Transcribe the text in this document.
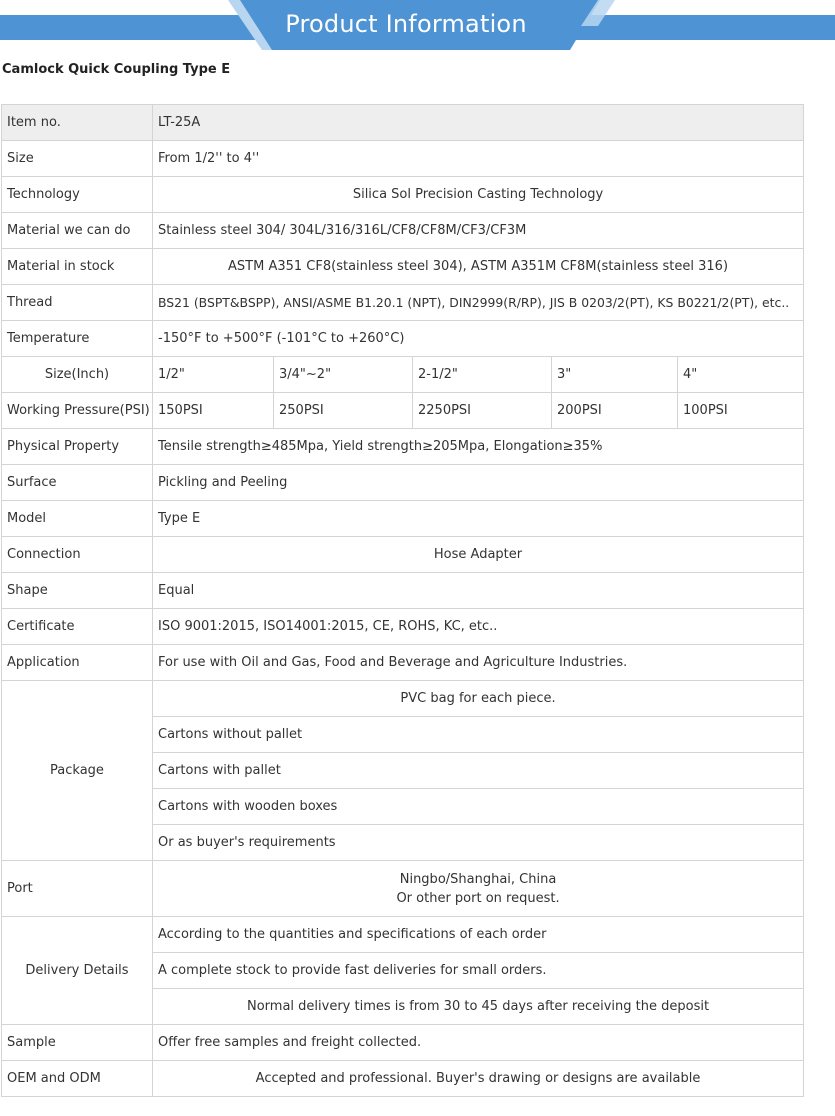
Product Information
Camlock Quick Coupling Type E
Item no.	LT-25A				
Size	From 1/2'' to 4''				
Technology	Silica Sol Precision Casting Technology				
Material we can do	Stainless steel 304/ 304L/316/316L/CF8/CF8M/CF3/CF3M				
Material in stock	ASTM A351 CF8(stainless steel 304), ASTM A351M CF8M(stainless steel 316)				
Thread	BS21 (BSPT&BSPP), ANSI/ASME B1.20.1 (NPT), DIN2999(R/RP), JIS B 0203/2(PT), KS B0221/2(PT), etc..				
Temperature	-150°F to +500°F (-101°C to +260°C)				
Size(Inch)	1/2"	3/4"~2"	2-1/2"	3"	4"
Working Pressure(PSI)	150PSI	250PSI	2250PSI	200PSI	100PSI
Physical Property	Tensile strength≥485Mpa, Yield strength≥205Mpa, Elongation≥35%				
Surface	Pickling and Peeling				
Model	Type E				
Connection	Hose Adapter				
Shape	Equal				
Certificate	ISO 9001:2015, ISO14001:2015, CE, ROHS, KC, etc..				
Application	For use with Oil and Gas, Food and Beverage and Agriculture Industries.				
Package	PVC bag for each piece.				
	Cartons without pallet				
	Cartons with pallet				
	Cartons with wooden boxes				
	Or as buyer's requirements				
Port	Ningbo/Shanghai, China
Or other port on request.				

Delivery Details	According to the quantities and specifications of each order				
	A complete stock to provide fast deliveries for small orders.				
	Normal delivery times is from 30 to 45 days after receiving the deposit				
Sample	Offer free samples and freight collected.				
OEM and ODM	Accepted and professional. Buyer's drawing or designs are available				
